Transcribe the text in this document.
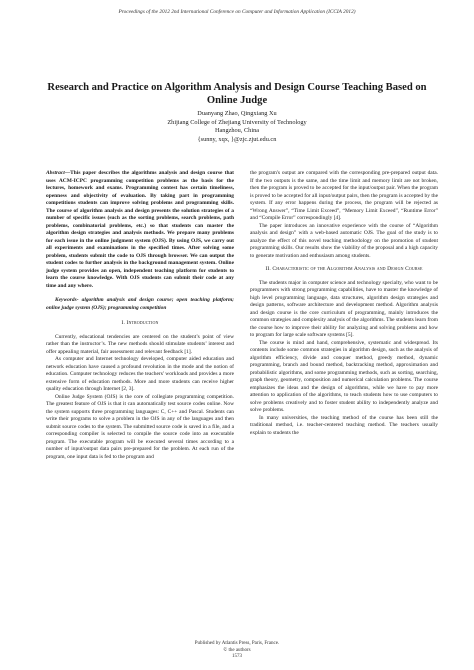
Proceedings of the 2012 2nd International Conference on Computer and Information Application (ICCIA 2012)
Research and Practice on Algorithm Analysis and Design Course Teaching Based on Online Judge
Duanyang Zhao, Qingxiang Xu
Zhijiang College of Zhejiang University of Technology
Hangzhou, China
{sunny, xqx, }@zjc.zjut.edu.cn

Abstract—This paper describes the algorithms analysis and design course that uses ACM-ICPC programming competition problems as the basis for the lectures, homework and exams. Programming contest has certain timeliness, openness and objectivity of evaluation. By taking part in programming competitions students can improve solving problems and programming skills. The course of algorithm analysis and design presents the solution strategies of a number of specific issues (such as the sorting problems, search problems, path problems, combinatorial problems, etc.) so that students can master the algorithm design strategies and analysis methods. We prepare many problems for each issue in the online judgment system (OJS). By using OJS, we carry out all experiments and examinations in the specified times. After solving some problem, students submit the code to OJS through browser. We can output the student codes to further analysis in the background management system. Online judge system provides an open, independent teaching platform for students to learn the course knowledge. With OJS students can submit their code at any time and any where.

Keywords- algorithm analysis and design course; open teaching platform; online judge system (OJS); programming competition

I. Introduction

Currently, educational tendencies are centered on the student’s point of view rather than the instructor’s. The new methods should stimulate students’ interest and offer appealing material, fair assessment and relevant feedback [1].

As computer and Internet technology developed, computer aided education and network education have caused a profound revolution in the mode and the notion of education. Computer technology reduces the teachers' workloads and provides a more extensive form of education methods. More and more students can receive higher quality education through Internet [2, 3].

Online Judge System (OJS) is the core of collegiate programming competition. The greatest feature of OJS is that it can automatically test source codes online. Now the system supports three programming languages: C, C++ and Pascal. Students can write their programs to solve a problem in the OJS in any of the languages and then submit source codes to the system. The submitted source code is saved in a file, and a corresponding compiler is selected to compile the source code into an executable program. The executable program will be executed several times according to a number of input/output data pairs pre-prepared for the problem. At each run of the program, one input data is fed to the program and

the program's output are compared with the corresponding pre-prepared output data. If the two outputs is the same, and the time limit and memory limit are not broken, then the program is proved to be accepted for the input/output pair. When the program is proved to be accepted for all input/output pairs, then the program is accepted by the system. If any error happens during the process, the program will be rejected as “Wrong Answer”, “Time Limit Exceed”, “Memory Limit Exceed”, “Runtime Error” and “Compile Error” correspondingly [4].

The paper introduces an innovative experience with the course of “Algorithm analysis and design” with a web-based automatic OJS. The goal of the study is to analyze the effect of this novel teaching methodology on the promotion of student programming skills. Our results show the viability of the proposal and a high capacity to generate motivation and enthusiasm among students.

II. Characteristic of the Algorithm Analysis and Design Course

The students major in computer science and technology specialty, who want to be programmers with strong programming capabilities, have to master the knowledge of high level programming language, data structures, algorithm design strategies and design patterns, software architecture and development method. Algorithm analysis and design course is the core curriculum of programming, mainly introduces the common strategies and complexity analysis of the algorithms. The students learn from the course how to improve their ability for analyzing and solving problems and how to program for large scale software systems [5].

The course is mind and hand, comprehensive, systematic and widespread. Its contents include some common strategies in algorithm design, such as the analysis of algorithm efficiency, divide and conquer method, greedy method, dynamic programming, branch and bound method, backtracking method, approximation and probabilistic algorithms, and some programming methods, such as sorting, searching, graph theory, geometry, composition and numerical calculation problems. The course emphasizes the ideas and the design of algorithms, while we have to pay more attention to application of the algorithms, to teach students how to use computers to solve problems creatively and to foster student ability to independently analyze and solve problems.

In many universities, the teaching method of the course has been still the traditional method, i.e. teacher-centered teaching method. The teachers usually explain to students the

Published by Atlantis Press, Paris, France.
© the authors
1573
